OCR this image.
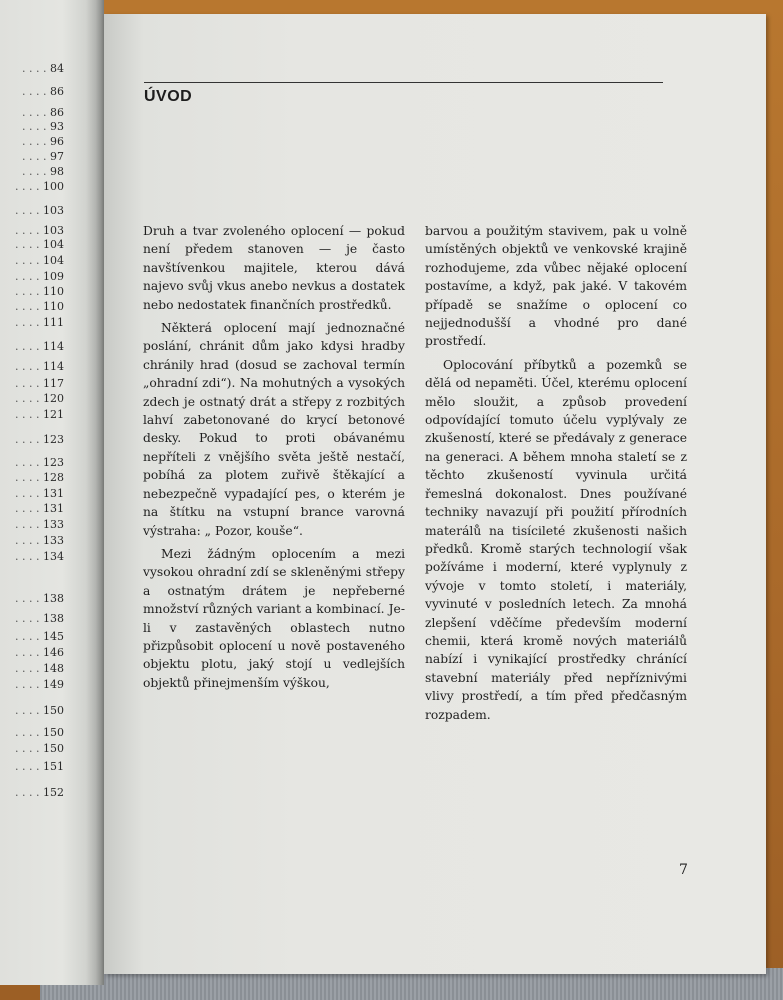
. . . . 84
. . . . 86
. . . . 86
. . . . 93
. . . . 96
. . . . 97
. . . . 98
. . . . 100
. . . . 103
. . . . 103
. . . . 104
. . . . 104
. . . . 109
. . . . 110
. . . . 110
. . . . 111
. . . . 114
. . . . 114
. . . . 117
. . . . 120
. . . . 121
. . . . 123
. . . . 123
. . . . 128
. . . . 131
. . . . 131
. . . . 133
. . . . 133
. . . . 134
. . . . 138
. . . . 138
. . . . 145
. . . . 146
. . . . 148
. . . . 149
. . . . 150
. . . . 150
. . . . 150
. . . . 151
. . . . 152
ÚVOD

Druh a tvar zvoleného oplocení — pokud není předem stanoven — je často navštívenkou majitele, kterou dává najevo svůj vkus anebo nevkus a dostatek nebo nedostatek finančních prostředků.

Některá oplocení mají jednoznačné poslání, chránit dům jako kdysi hradby chránily hrad (dosud se zachoval termín „ohradní zdi“). Na mohutných a vysokých zdech je ostnatý drát a střepy z rozbitých lahví zabetonované do krycí betonové desky. Pokud to proti obávanému nepříteli z vnějšího světa ještě nestačí, pobíhá za plotem zuřivě štěkající a nebezpečně vypadající pes, o kterém je na štítku na vstupní brance varovná výstraha: „ Pozor, kouše“.

Mezi žádným oplocením a mezi vysokou ohradní zdí se skleněnými střepy a ostnatým drátem je nepřeberné množství různých variant a kombinací. Je-li v zastavěných oblastech nutno přizpůsobit oplocení u nově postaveného objektu plotu, jaký stojí u vedlejších objektů přinejmenším výškou,

barvou a použitým stavivem, pak u volně umístěných objektů ve venkovské krajině rozhodujeme, zda vůbec nějaké oplocení postavíme, a když, pak jaké. V takovém případě se snažíme o oplocení co nejjednodušší a vhodné pro dané prostředí.

Oplocování příbytků a pozemků se dělá od nepaměti. Účel, kterému oplocení mělo sloužit, a způsob provedení odpovídající tomuto účelu vyplývaly ze zkušeností, které se předávaly z generace na generaci. A během mnoha staletí se z těchto zkušeností vyvinula určitá řemeslná dokonalost. Dnes používané techniky navazují při použití přírodních materálů na tisícileté zkušenosti našich předků. Kromě starých technologií však požíváme i moderní, které vyplynuly z vývoje v tomto století, i materiály, vyvinuté v posledních letech. Za mnohá zlepšení vděčíme především moderní chemii, která kromě nových materiálů nabízí i vynikající prostředky chránící stavební materiály před nepříznivými vlivy prostředí, a tím před předčasným rozpadem.

7
